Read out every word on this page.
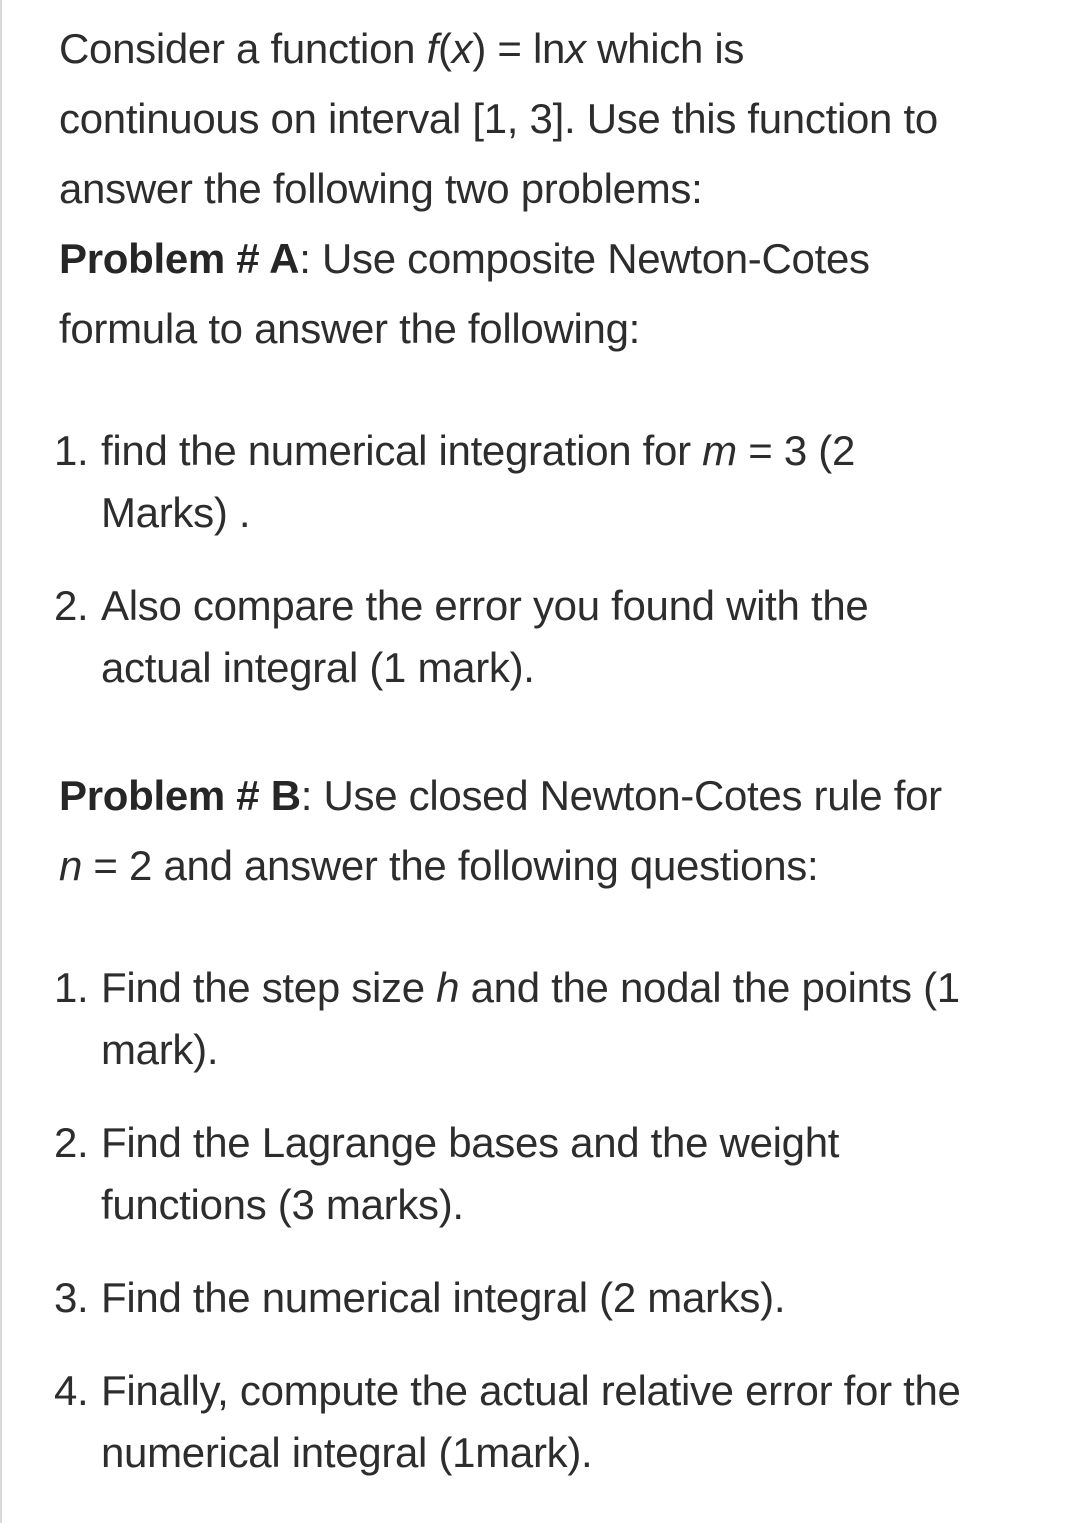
Consider a function f(x) = lnx which is
continuous on interval [1, 3]. Use this function to
answer the following two problems:
Problem # A: Use composite Newton-Cotes
formula to answer the following:

1. find the numerical integration for m = 3 (2
Marks) .
2. Also compare the error you found with the
actual integral (1 mark).

Problem # B: Use closed Newton-Cotes rule for
n = 2 and answer the following questions:

1. Find the step size h and the nodal the points (1
mark).
2. Find the Lagrange bases and the weight
functions (3 marks).
3. Find the numerical integral (2 marks).
4. Finally, compute the actual relative error for the
numerical integral (1mark).
